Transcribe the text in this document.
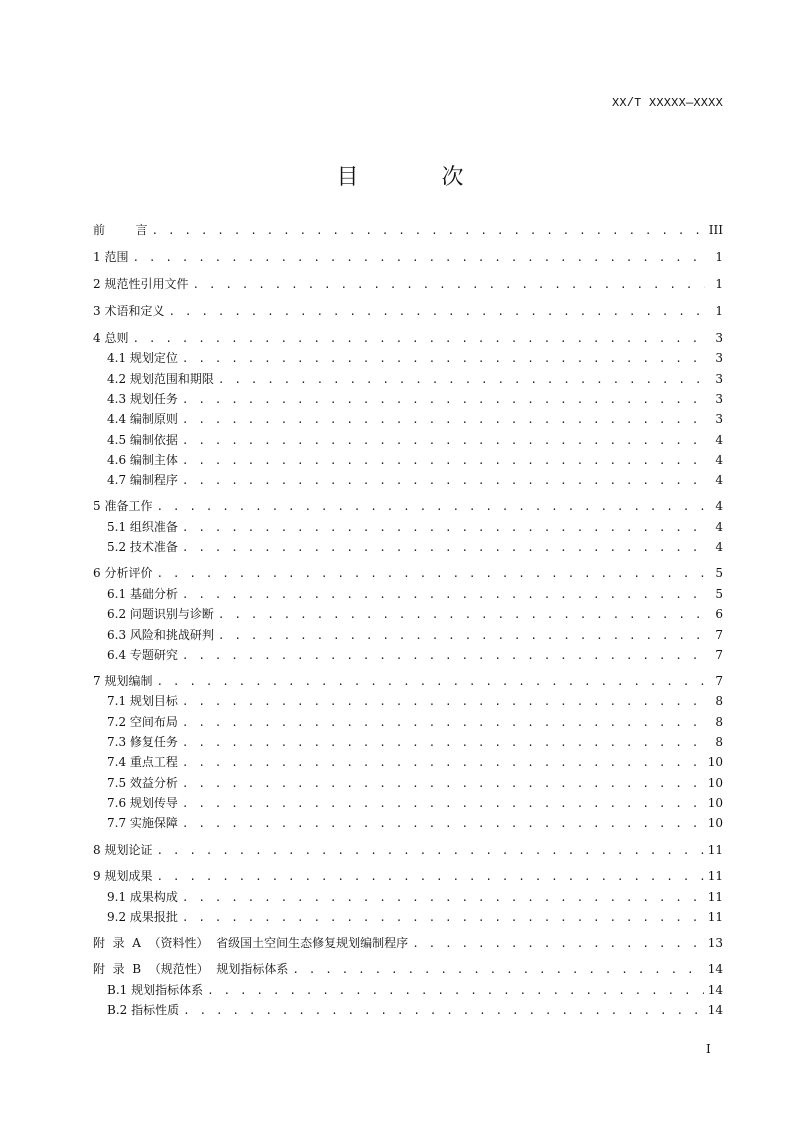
XX/T XXXXX—XXXX
目 次
前        言 . . .	III
1 范围 . . .	1
2 规范性引用文件 . . .	1
3 术语和定义 . . .	1
4 总则 . . .	3
4.1 规划定位 . . .	3
4.2 规划范围和期限 . . .	3
4.3 规划任务 . . .	3
4.4 编制原则 . . .	3
4.5 编制依据 . . .	4
4.6 编制主体 . . .	4
4.7 编制程序 . . .	4
5 准备工作 . . .	4
5.1 组织准备 . . .	4
5.2 技术准备 . . .	4
6 分析评价 . . .	5
6.1 基础分析 . . .	5
6.2 问题识别与诊断 . . .	6
6.3 风险和挑战研判 . . .	7
6.4 专题研究 . . .	7
7 规划编制 . . .	7
7.1 规划目标 . . .	8
7.2 空间布局 . . .	8
7.3 修复任务 . . .	8
7.4 重点工程 . . .	10
7.5 效益分析 . . .	10
7.6 规划传导 . . .	10
7.7 实施保障 . . .	10
8 规划论证 . . .	11
9 规划成果 . . .	11
9.1 成果构成 . . .	11
9.2 成果报批 . . .	11
附  录  A  （资料性）  省级国土空间生态修复规划编制程序 . . .	13
附  录  B  （规范性）  规划指标体系 . . .	14
B.1 规划指标体系 . . .	14
B.2 指标性质 . . .	14
I
